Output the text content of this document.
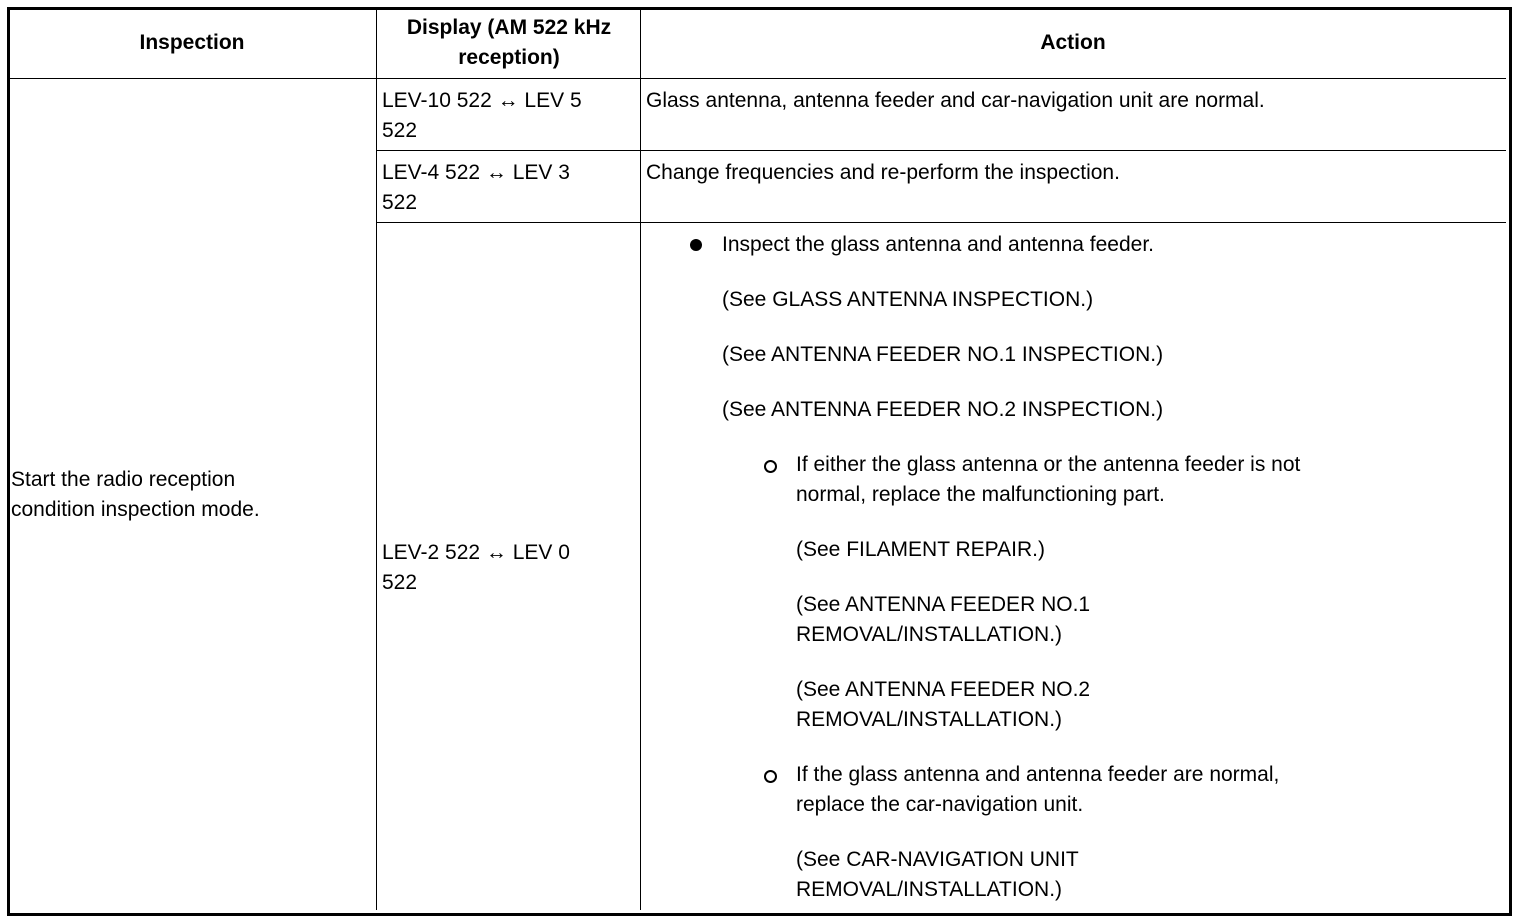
Inspection
Display (AM 522 kHz
reception)
Action
Start the radio reception
condition inspection mode.
LEV-10 522 ↔ LEV 5
522
Glass antenna, antenna feeder and car-navigation unit are normal.
LEV-4 522 ↔ LEV 3
522
Change frequencies and re-perform the inspection.
LEV-2 522 ↔ LEV 0
522
Inspect the glass antenna and antenna feeder.
(See GLASS ANTENNA INSPECTION.)
(See ANTENNA FEEDER NO.1 INSPECTION.)
(See ANTENNA FEEDER NO.2 INSPECTION.)
If either the glass antenna or the antenna feeder is not
normal, replace the malfunctioning part.
(See FILAMENT REPAIR.)
(See ANTENNA FEEDER NO.1
REMOVAL/INSTALLATION.)
(See ANTENNA FEEDER NO.2
REMOVAL/INSTALLATION.)
If the glass antenna and antenna feeder are normal,
replace the car-navigation unit.
(See CAR-NAVIGATION UNIT
REMOVAL/INSTALLATION.)
